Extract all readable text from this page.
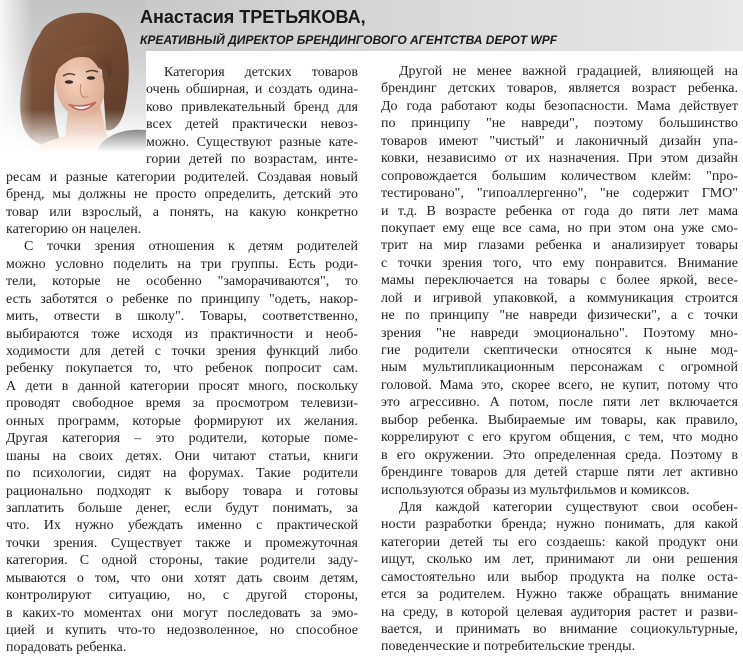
Анастасия ТРЕТЬЯКОВА,
КРЕАТИВНЫЙ ДИРЕКТОР БРЕНДИНГОВОГО АГЕНТСТВА DEPOT WPF
Категория детских товаров
очень обширная, и создать одина-
ково привлекательный бренд для
всех детей практически невоз-
можно. Существуют разные кате-
гории детей по возрастам, инте-
ресам и разные категории родителей. Создавая новый
бренд, мы должны не просто определить, детский это
товар или взрослый, а понять, на какую конкретно
категорию он нацелен.
С точки зрения отношения к детям родителей
можно условно поделить на три группы. Есть роди-
тели, которые не особенно "заморачиваются", то
есть заботятся о ребенке по принципу "одеть, накор-
мить, отвести в школу". Товары, соответственно,
выбираются тоже исходя из практичности и необ-
ходимости для детей с точки зрения функций либо
ребенку покупается то, что ребенок попросит сам.
А дети в данной категории просят много, поскольку
проводят свободное время за просмотром телевизи-
онных программ, которые формируют их желания.
Другая категория – это родители, которые поме-
шаны на своих детях. Они читают статьи, книги
по психологии, сидят на форумах. Такие родители
рационально подходят к выбору товара и готовы
заплатить больше денег, если будут понимать, за
что. Их нужно убеждать именно с практической
точки зрения. Существует также и промежуточная
категория. С одной стороны, такие родители заду-
мываются о том, что они хотят дать своим детям,
контролируют ситуацию, но, с другой стороны,
в каких-то моментах они могут последовать за эмо-
цией и купить что-то недозволенное, но способное
порадовать ребенка.
Другой не менее важной градацией, влияющей на
брендинг детских товаров, является возраст ребенка.
До года работают коды безопасности. Мама действует
по принципу "не навреди", поэтому большинство
товаров имеют "чистый" и лаконичный дизайн упа-
ковки, независимо от их назначения. При этом дизайн
сопровождается большим количеством клейм: "про-
тестировано", "гипоаллергенно", "не содержит ГМО"
и т.д. В возрасте ребенка от года до пяти лет мама
покупает ему еще все сама, но при этом она уже смо-
трит на мир глазами ребенка и анализирует товары
с точки зрения того, что ему понравится. Внимание
мамы переключается на товары с более яркой, весе-
лой и игривой упаковкой, а коммуникация строится
не по принципу "не навреди физически", а с точки
зрения "не навреди эмоционально". Поэтому мно-
гие родители скептически относятся к ныне мод-
ным мультипликационным персонажам с огромной
головой. Мама это, скорее всего, не купит, потому что
это агрессивно. А потом, после пяти лет включается
выбор ребенка. Выбираемые им товары, как правило,
коррелируют с его кругом общения, с тем, что модно
в его окружении. Это определенная среда. Поэтому в
брендинге товаров для детей старше пяти лет активно
используются образы из мультфильмов и комиксов.
Для каждой категории существуют свои особен-
ности разработки бренда; нужно понимать, для какой
категории детей ты его создаешь: какой продукт они
ищут, сколько им лет, принимают ли они решения
самостоятельно или выбор продукта на полке оста-
ется за родителем. Нужно также обращать внимание
на среду, в которой целевая аудитория растет и разви-
вается, и принимать во внимание социокультурные,
поведенческие и потребительские тренды.
